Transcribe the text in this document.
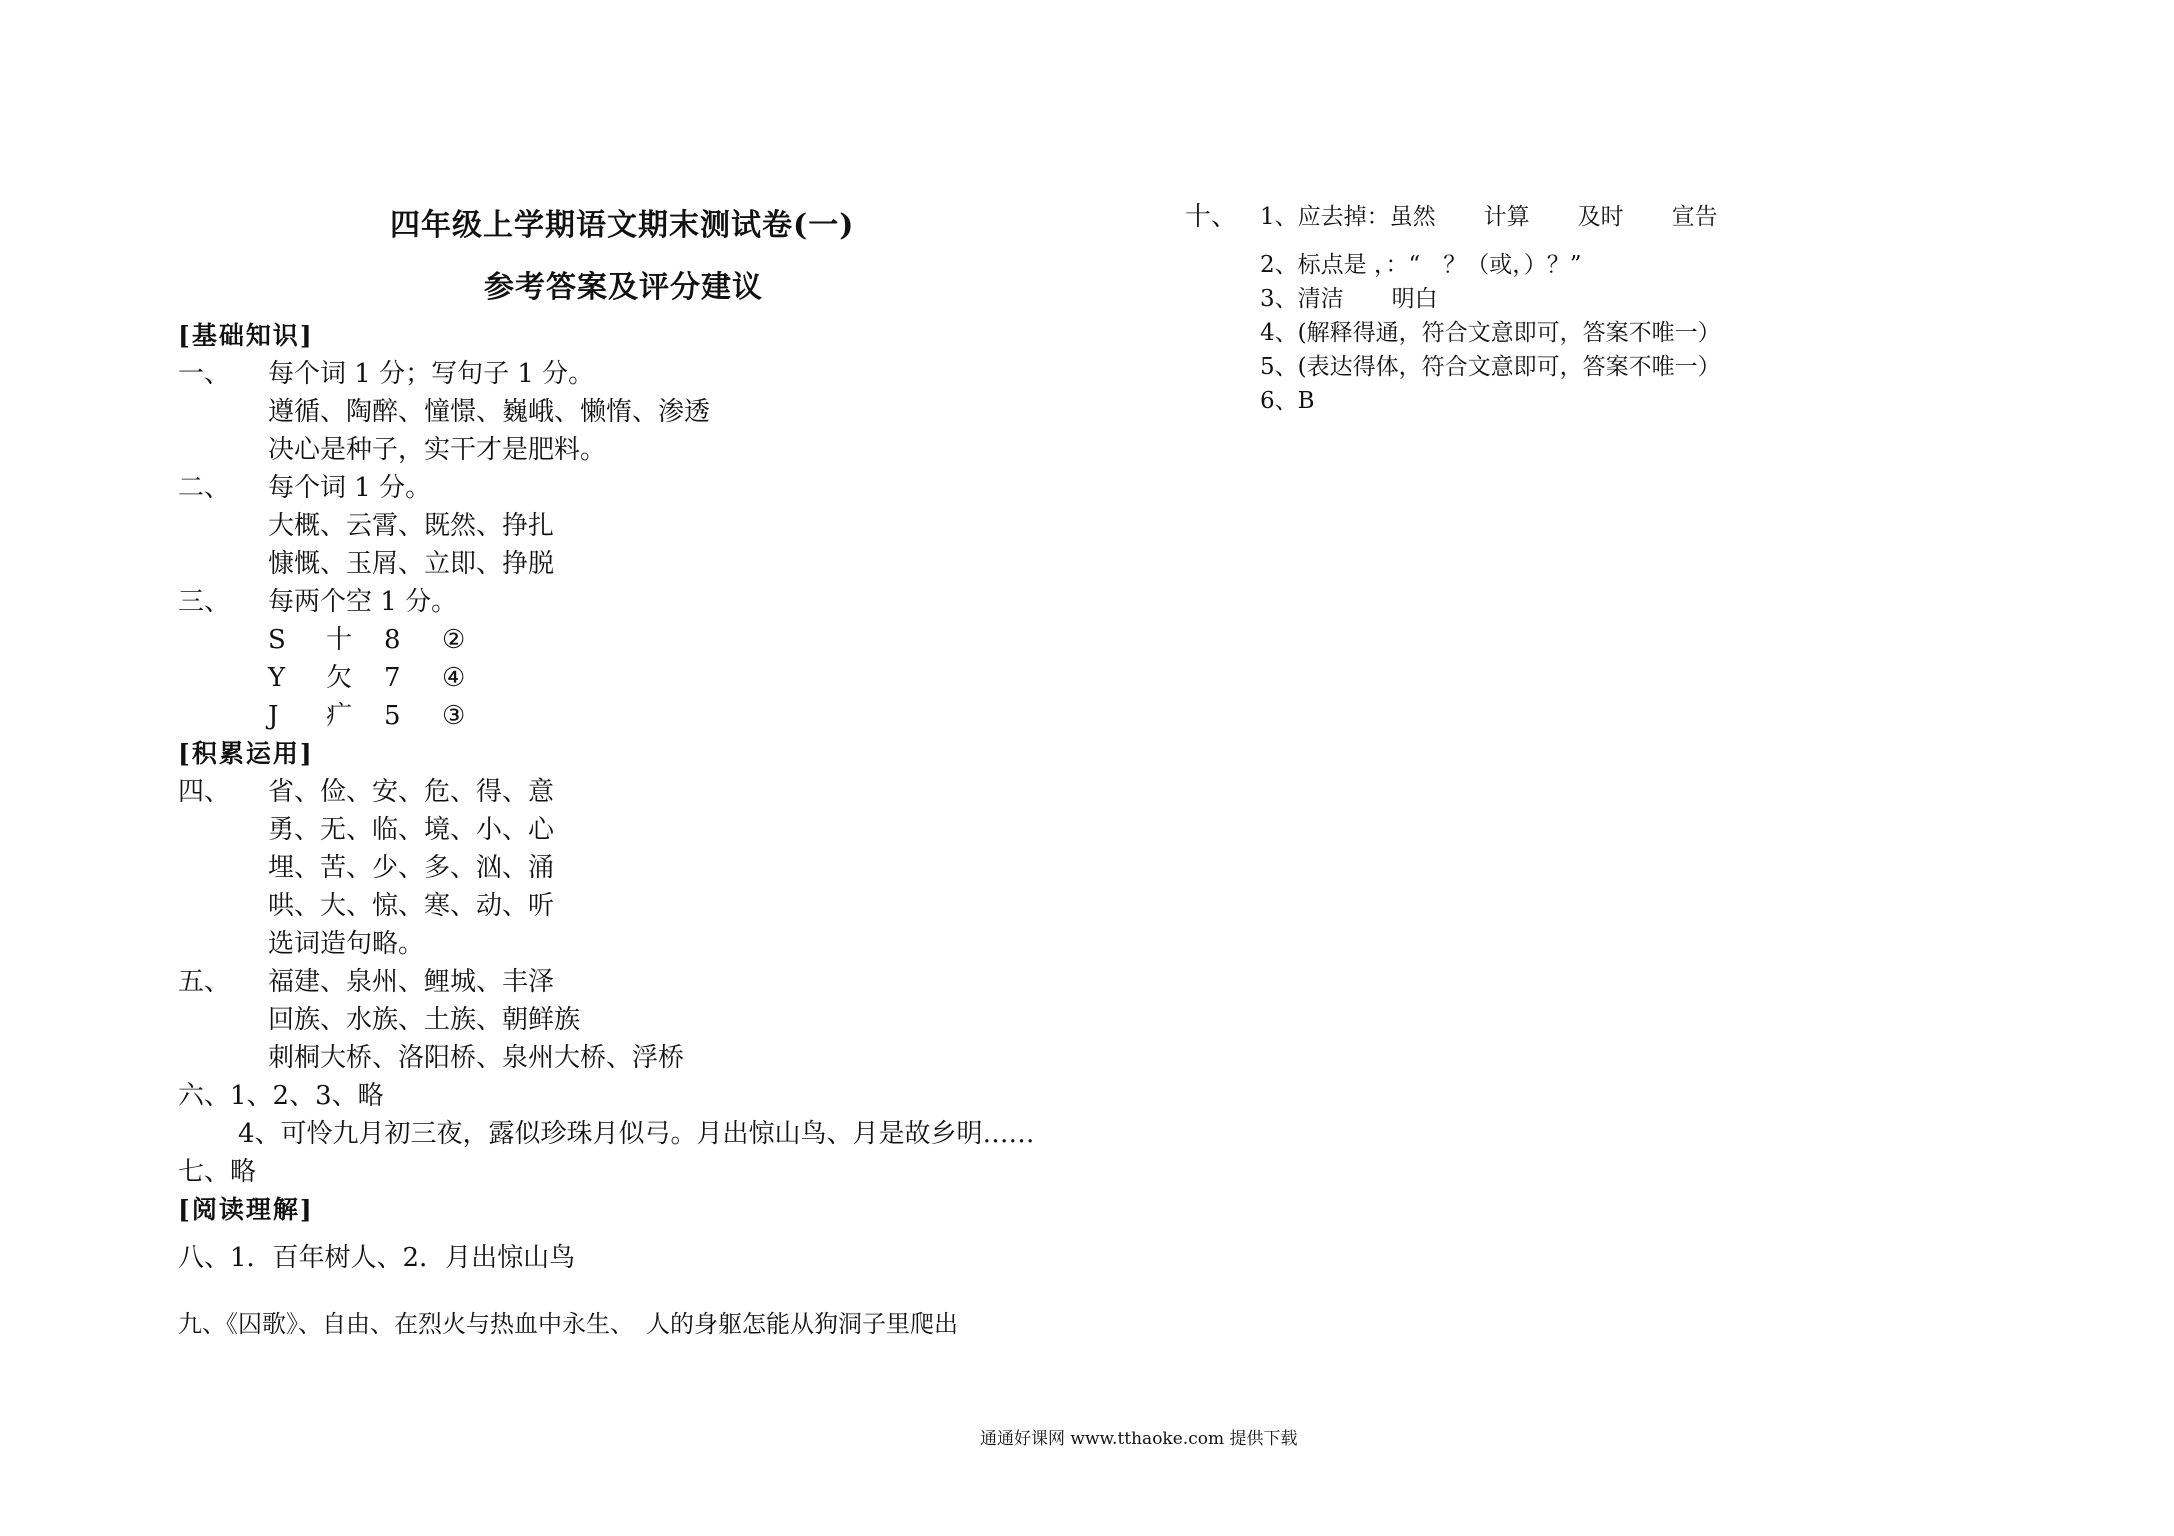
四年级上学期语文期末测试卷(一)
参考答案及评分建议
[基础知识]
一、 每个词 1 分；写句子 1 分。
遵循、陶醉、憧憬、巍峨、懒惰、渗透
决心是种子，实干才是肥料。
二、 每个词 1 分。
大概、云霄、既然、挣扎
慷慨、玉屑、立即、挣脱
三、 每两个空 1 分。
S 十 8 ②
Y 欠 7 ④
J 疒 5 ③
[积累运用]
四、 省、俭、安、危、得、意
勇、无、临、境、小、心
埋、苦、少、多、汹、涌
哄、大、惊、寒、动、听
选词造句略。
五、 福建、泉州、鲤城、丰泽
回族、水族、土族、朝鲜族
刺桐大桥、洛阳桥、泉州大桥、浮桥
六、1、2、3、略
4、可怜九月初三夜，露似珍珠月似弓。月出惊山鸟、月是故乡明……
七、略
[阅读理解]
八、1．百年树人、2．月出惊山鸟
九、《囚歌》、自由、在烈火与热血中永生、　人的身躯怎能从狗洞子里爬出
十、 1、应去掉：虽然 计算 及时 宣告
2、标点是 ，：“　？（或，）？”
3、清洁 明白
4、(解释得通，符合文意即可，答案不唯一）
5、(表达得体，符合文意即可，答案不唯一）
6、B
通通好课网 www.tthaoke.com 提供下载
